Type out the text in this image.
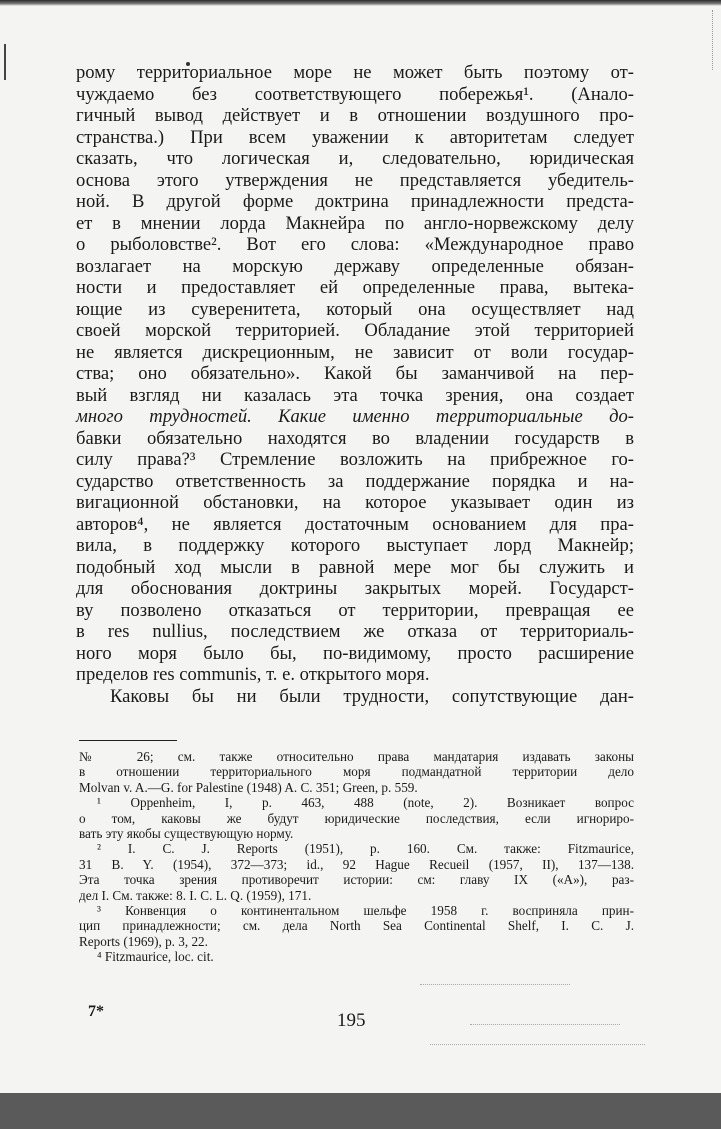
рому территориальное море не может быть поэтому от-
чуждаемо без соответствующего побережья¹. (Анало-
гичный вывод действует и в отношении воздушного про-
странства.) При всем уважении к авторитетам следует
сказать, что логическая и, следовательно, юридическая
основа этого утверждения не представляется убедитель-
ной. В другой форме доктрина принадлежности предста-
ет в мнении лорда Макнейра по англо-норвежскому делу
о рыболовстве². Вот его слова: «Международное право
возлагает на морскую державу определенные обязан-
ности и предоставляет ей определенные права, вытека-
ющие из суверенитета, который она осуществляет над
своей морской территорией. Обладание этой территорией
не является дискреционным, не зависит от воли государ-
ства; оно обязательно». Какой бы заманчивой на пер-
вый взгляд ни казалась эта точка зрения, она создает
много трудностей. Какие именно территориальные до-
бавки обязательно находятся во владении государств в
силу права?³ Стремление возложить на прибрежное го-
сударство ответственность за поддержание порядка и на-
вигационной обстановки, на которое указывает один из
авторов⁴, не является достаточным основанием для пра-
вила, в поддержку которого выступает лорд Макнейр;
подобный ход мысли в равной мере мог бы служить и
для обоснования доктрины закрытых морей. Государст-
ву позволено отказаться от территории, превращая ее
в res nullius, последствием же отказа от территориаль-
ного моря было бы, по-видимому, просто расширение
пределов res communis, т. е. открытого моря.
Каковы бы ни были трудности, сопутствующие дан-
№ 26; см. также относительно права мандатария издавать законы
в отношении территориального моря подмандатной территории дело
Molvan v. A.—G. for Palestine (1948) A. C. 351; Green, p. 559.
¹ Oppenheim, I, p. 463, 488 (note, 2). Возникает вопрос
о том, каковы же будут юридические последствия, если игнориро-
вать эту якобы существующую норму.
² I. C. J. Reports (1951), p. 160. См. также: Fitzmaurice,
31 B. Y. (1954), 372—373; id., 92 Hague Recueil (1957, II), 137—138.
Эта точка зрения противоречит истории: см: главу IX («A»), раз-
дел I. См. также: 8. I. C. L. Q. (1959), 171.
³ Конвенция о континентальном шельфе 1958 г. восприняла прин-
цип принадлежности; см. дела North Sea Continental Shelf, I. C. J.
Reports (1969), p. 3, 22.
⁴ Fitzmaurice, loc. cit.
7*	195
